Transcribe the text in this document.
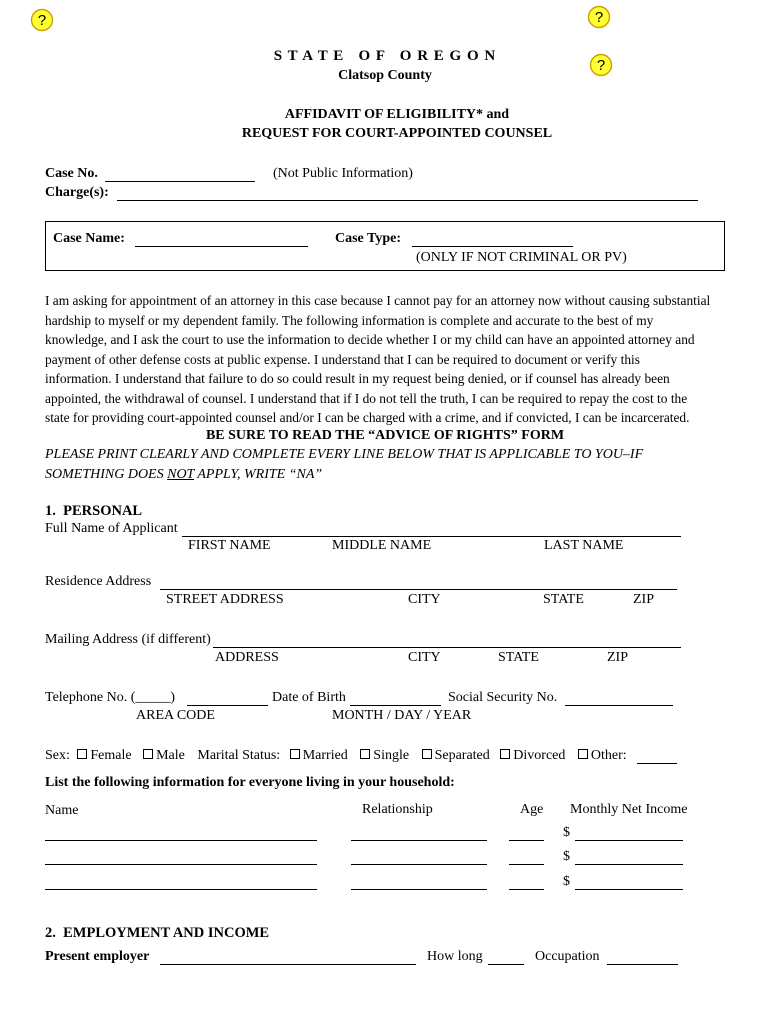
?	?
?
S T A T E   O F   O R E G O N
Clatsop County
AFFIDAVIT OF ELIGIBILITY* and
REQUEST FOR COURT-APPOINTED COUNSEL
Case No.	(Not Public Information)
Charge(s):
Case Name:	Case Type:
(ONLY IF NOT CRIMINAL OR PV)
I am asking for appointment of an attorney in this case because I cannot pay for an attorney now without causing substantial
hardship to myself or my dependent family. The following information is complete and accurate to the best of my
knowledge, and I ask the court to use the information to decide whether I or my child can have an appointed attorney and
payment of other defense costs at public expense. I understand that I can be required to document or verify this
information. I understand that failure to do so could result in my request being denied, or if counsel has already been
appointed, the withdrawal of counsel. I understand that if I do not tell the truth, I can be required to repay the cost to the
state for providing court-appointed counsel and/or I can be charged with a crime, and if convicted, I can be incarcerated.
BE SURE TO READ THE “ADVICE OF RIGHTS” FORM
PLEASE PRINT CLEARLY AND COMPLETE EVERY LINE BELOW THAT IS APPLICABLE TO YOU–IF
SOMETHING DOES NOT APPLY, WRITE “NA”
1.  PERSONAL
Full Name of Applicant
FIRST NAME	MIDDLE NAME	LAST NAME
Residence Address
STREET ADDRESS	CITY	STATE	ZIP
Mailing Address (if different)
ADDRESS	CITY	STATE	ZIP
Telephone No. (_____)	Date of Birth	Social Security No.
AREA CODE	MONTH / DAY / YEAR
Sex: Female Male Marital Status: Married Single Separated Divorced Other:
List the following information for everyone living in your household:
Name	Relationship	Age Monthly Net Income
$
$
$
2.  EMPLOYMENT AND INCOME
Present employer	How long	Occupation
